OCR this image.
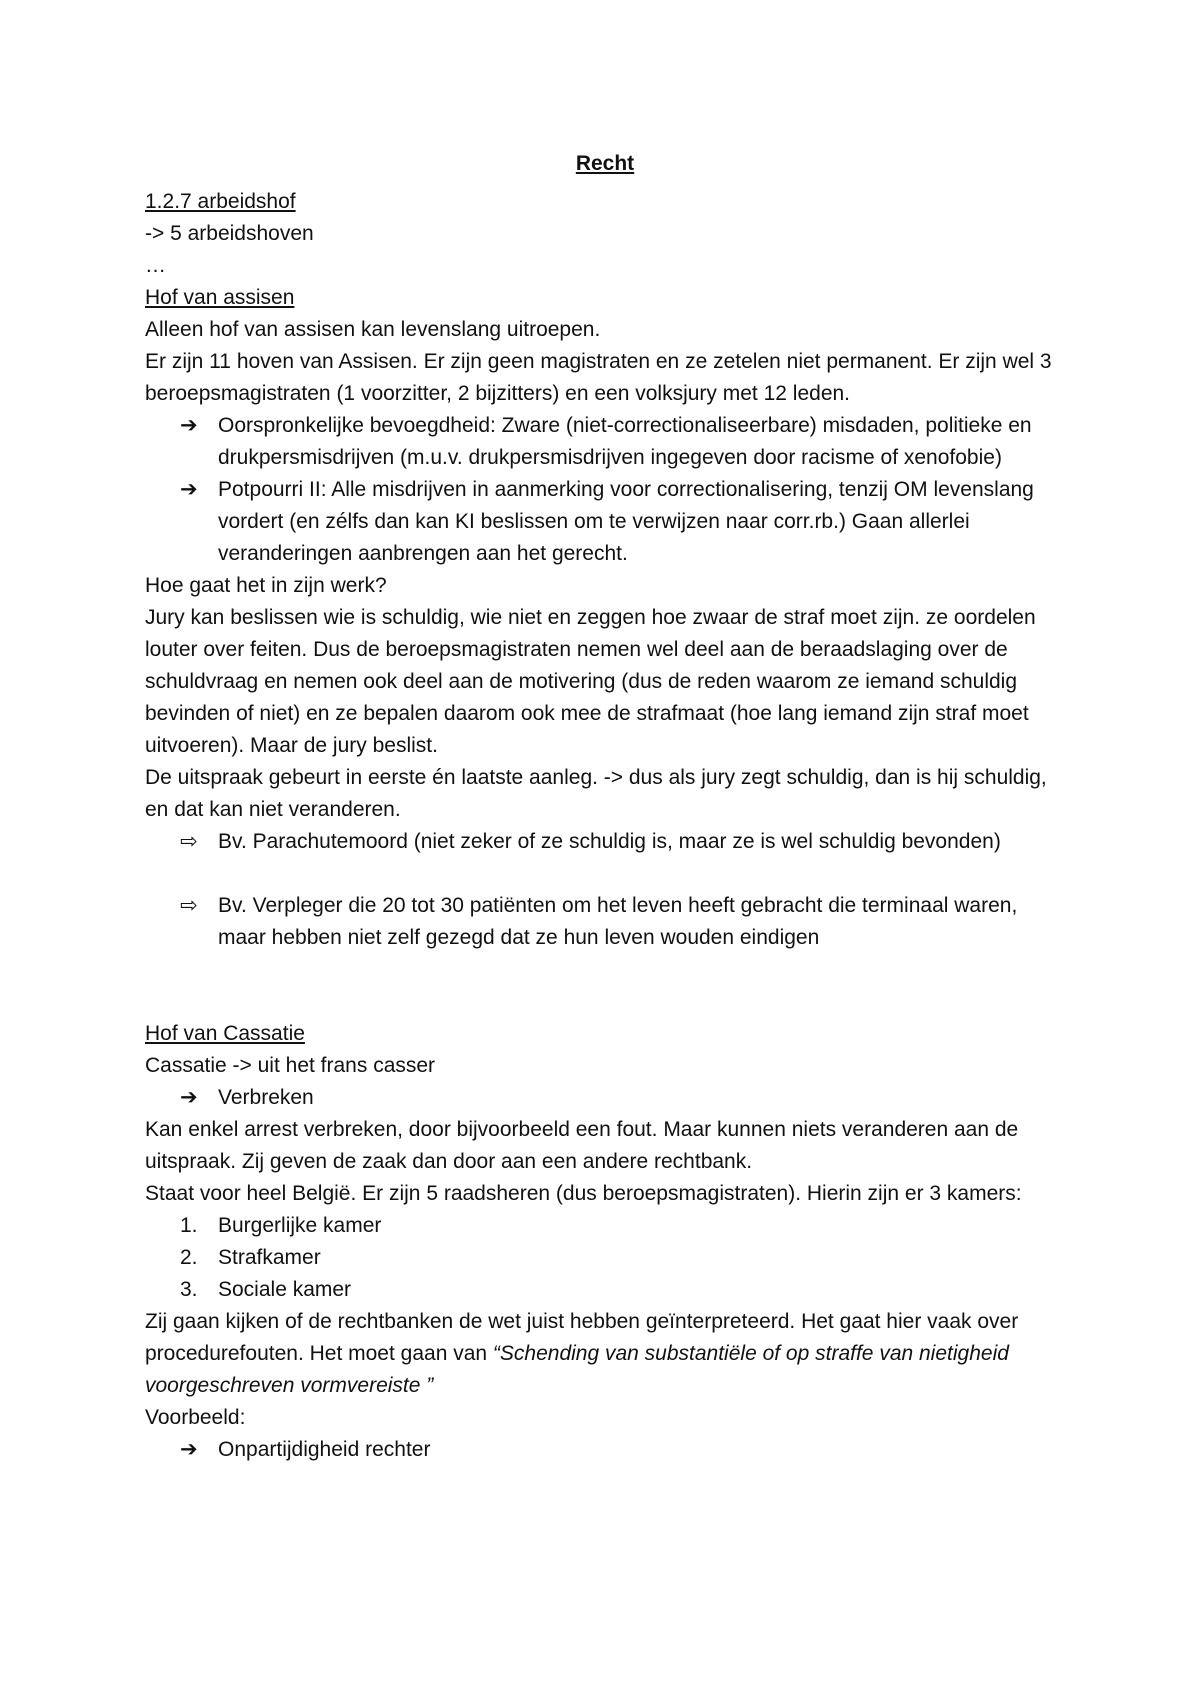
Recht

1.2.7 arbeidshof

-> 5 arbeidshoven

…

Hof van assisen

Alleen hof van assisen kan levenslang uitroepen.

Er zijn 11 hoven van Assisen. Er zijn geen magistraten en ze zetelen niet permanent. Er zijn wel 3 beroepsmagistraten (1 voorzitter, 2 bijzitters) en een volksjury met 12 leden.

➔ Oorspronkelijke bevoegdheid: Zware (niet-correctionaliseerbare) misdaden, politieke en drukpersmisdrijven (m.u.v. drukpersmisdrijven ingegeven door racisme of xenofobie)
➔ Potpourri II: Alle misdrijven in aanmerking voor correctionalisering, tenzij OM levenslang vordert (en zélfs dan kan KI beslissen om te verwijzen naar corr.rb.) Gaan allerlei veranderingen aanbrengen aan het gerecht.

Hoe gaat het in zijn werk?

Jury kan beslissen wie is schuldig, wie niet en zeggen hoe zwaar de straf moet zijn. ze oordelen louter over feiten. Dus de beroepsmagistraten nemen wel deel aan de beraadslaging over de schuldvraag en nemen ook deel aan de motivering (dus de reden waarom ze iemand schuldig bevinden of niet) en ze bepalen daarom ook mee de strafmaat (hoe lang iemand zijn straf moet uitvoeren). Maar de jury beslist.

De uitspraak gebeurt in eerste én laatste aanleg. -> dus als jury zegt schuldig, dan is hij schuldig, en dat kan niet veranderen.

⇨ Bv. Parachutemoord (niet zeker of ze schuldig is, maar ze is wel schuldig bevonden)
⇨ Bv. Verpleger die 20 tot 30 patiënten om het leven heeft gebracht die terminaal waren, maar hebben niet zelf gezegd dat ze hun leven wouden eindigen

Hof van Cassatie

Cassatie -> uit het frans casser

➔ Verbreken

Kan enkel arrest verbreken, door bijvoorbeeld een fout. Maar kunnen niets veranderen aan de uitspraak. Zij geven de zaak dan door aan een andere rechtbank.

Staat voor heel België. Er zijn 5 raadsheren (dus beroepsmagistraten). Hierin zijn er 3 kamers:

1. Burgerlijke kamer
2. Strafkamer
3. Sociale kamer

Zij gaan kijken of de rechtbanken de wet juist hebben geïnterpreteerd. Het gaat hier vaak over procedurefouten. Het moet gaan van “Schending van substantiële of op straffe van nietigheid voorgeschreven vormvereiste ”

Voorbeeld:

➔ Onpartijdigheid rechter
